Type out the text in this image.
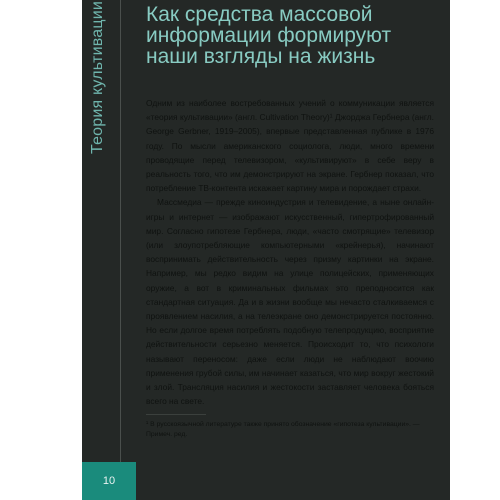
Теория культивации
10
Как средства массовой
информации формируют
наши взгляды на жизнь

Одним из наиболее востребованных учений о коммуникации является «теория культивации» (англ. Cultivation Theory)¹ Джорджа Гербнера (англ. George Gerbner, 1919–2005), впервые представленная публике в 1976 году. По мысли американского социолога, люди, много времени проводящие перед телевизором, «культивируют» в себе веру в реальность того, что им демонстрируют на экране. Гербнер показал, что потребление ТВ-контента искажает картину мира и порождает страхи.

Массмедиа — прежде киноиндустрия и телевидение, а ныне онлайн-игры и интернет — изображают искусственный, гипертрофированный мир. Согласно гипотезе Гербнера, люди, «часто смотрящие» телевизор (или злоупотребляющие компьютерными «крейнерья), начинают воспринимать действительность через призму картинки на экране. Например, мы редко видим на улице полицейских, применяющих оружие, а вот в криминальных фильмах это преподносится как стандартная ситуация. Да и в жизни вообще мы нечасто сталкиваемся с проявлением насилия, а на телеэкране оно демонстрируется постоянно. Но если долгое время потреблять подобную телепродукцию, восприятие действительности серьезно меняется. Происходит то, что психологи называют переносом: даже если люди не наблюдают воочию применения грубой силы, им начинает казаться, что мир вокруг жестокий и злой. Трансляция насилия и жестокости заставляет человека бояться всего на свете.

¹ В русскоязычной литературе также принято обозначение «гипотеза культивации». — Примеч. ред.
